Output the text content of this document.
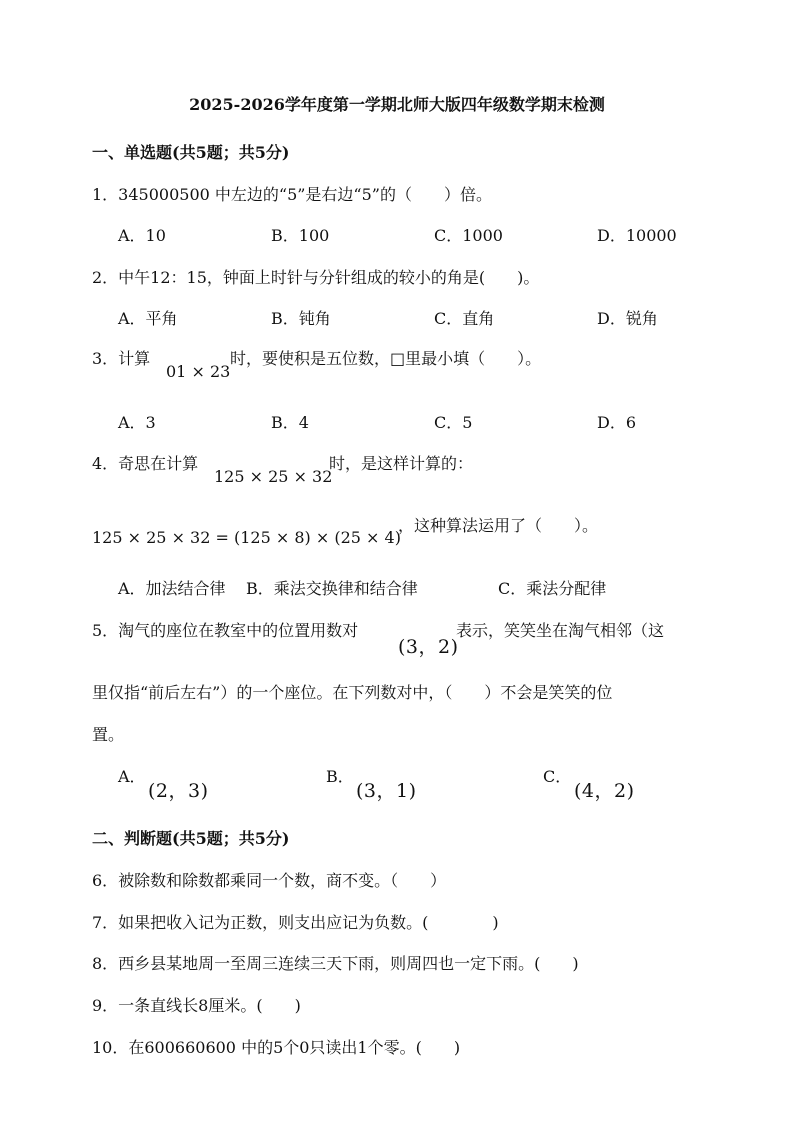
2025-2026学年度第一学期北师大版四年级数学期末检测
一、单选题(共5题；共5分)
1．345000500 中左边的“5”是右边“5”的（　　）倍。
A．10	B．100	C．1000	D．10000
2．中午12：15，钟面上时针与分针组成的较小的角是(　　)。
A．平角	B．钝角	C．直角	D．锐角
3．计算
01 × 23
时，要使积是五位数，□里最小填（　　）。
A．3	B．4	C．5	D．6
4．奇思在计算
125 × 25 × 32
时，是这样计算的：
125 × 25 × 32 = (125 × 8) × (25 × 4)
，这种算法运用了（　　）。
A．加法结合律 B．乘法交换律和结合律	C．乘法分配律
5．淘气的座位在教室中的位置用数对
(3，2)
表示，笑笑坐在淘气相邻（这
里仅指“前后左右”）的一个座位。在下列数对中，（　　）不会是笑笑的位
置。
A．
(2，3)
B．
(3，1)
C．
(4，2)
二、判断题(共5题；共5分)
6．被除数和除数都乘同一个数，商不变。（　　）
7．如果把收入记为正数，则支出应记为负数。(　　　　)
8．西乡县某地周一至周三连续三天下雨，则周四也一定下雨。(　　)
9．一条直线长8厘米。(　　)
10．在600660600 中的5个0只读出1个零。(　　)
